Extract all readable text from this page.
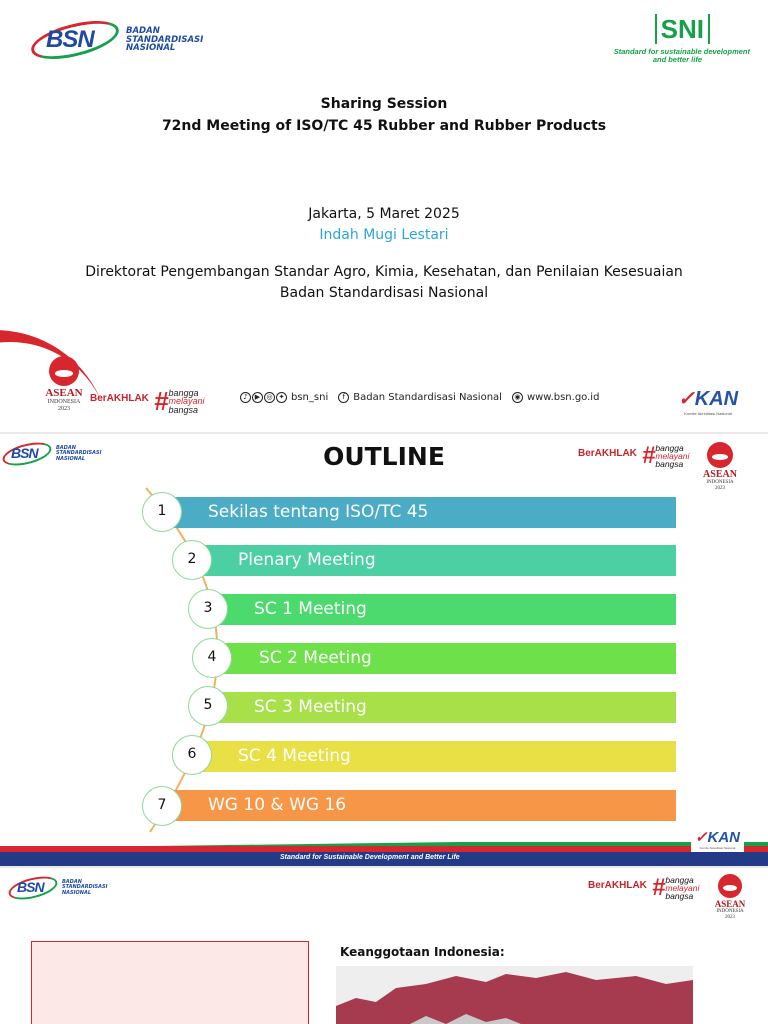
BSN	BADAN
STANDARDISASI
NASIONAL
SNI
Standard for sustainable development
and better life
Sharing Session
72nd Meeting of ISO/TC 45 Rubber and Rubber Products
Jakarta, 5 Maret 2025
Indah Mugi Lestari
Direktorat Pengembangan Standar Agro, Kimia, Kesehatan, dan Penilaian Kesesuaian
Badan Standardisasi Nasional
ASEAN
INDONESIA
2023
BerAKHLAK # bangga
melayani
bangsa
♪	▶ ◎ ✦ bsn_sni	f Badan Standardisasi Nasional	◉ www.bsn.go.id	✓KAN
Komite Akreditasi Nasional
BSN	BADAN
STANDARDISASI
NASIONAL	OUTLINE	BerAKHLAK # bangga
melayani
bangsa
ASEAN
INDONESIA
2023
Sekilas tentang ISO/TC 45
1
Plenary Meeting
2
SC 1 Meeting
3
SC 2 Meeting
4
SC 3 Meeting
5
SC 4 Meeting
6
WG 10 & WG 16
7
Standard for Sustainable Development and Better Life
✓KAN
Komite Akreditasi Nasional
BSN	BADAN
STANDARDISASI
NASIONAL
BerAKHLAK # bangga
melayani
bangsa
ASEAN
INDONESIA
2023
Keanggotaan Indonesia:
